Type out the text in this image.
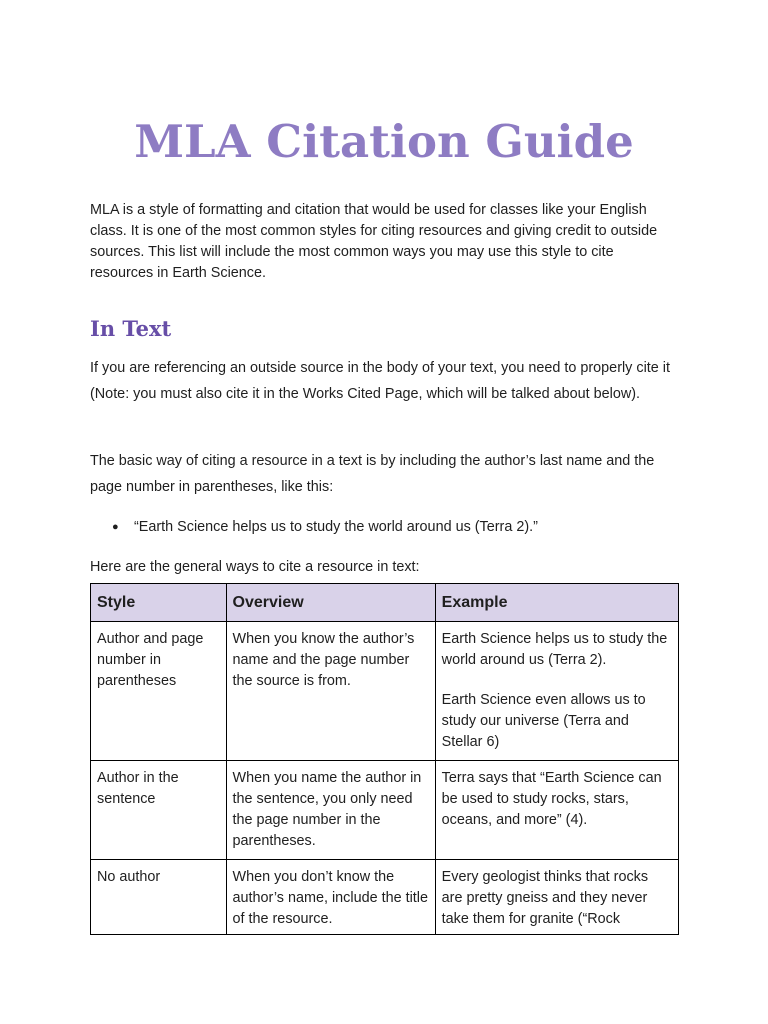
MLA Citation Guide

MLA is a style of formatting and citation that would be used for classes like your English class. It is one of the most common styles for citing resources and giving credit to outside sources. This list will include the most common ways you may use this style to cite resources in Earth Science.

In Text

If you are referencing an outside source in the body of your text, you need to properly cite it (Note: you must also cite it in the Works Cited Page, which will be talked about below).

The basic way of citing a resource in a text is by including the author’s last name and the page number in parentheses, like this:

● “Earth Science helps us to study the world around us (Terra 2).”

Here are the general ways to cite a resource in text:

Style	Overview	Example
Author and page number in parentheses	When you know the author’s name and the page number the source is from.	Earth Science helps us to study the world around us (Terra 2).

Earth Science even allows us to study our universe (Terra and Stellar 6)

Author in the sentence	When you name the author in the sentence, you only need the page number in the parentheses.	Terra says that “Earth Science can be used to study rocks, stars, oceans, and more” (4).

No author	When you don’t know the author’s name, include the title of the resource.	Every geologist thinks that rocks are pretty gneiss and they never take them for granite (“Rock
